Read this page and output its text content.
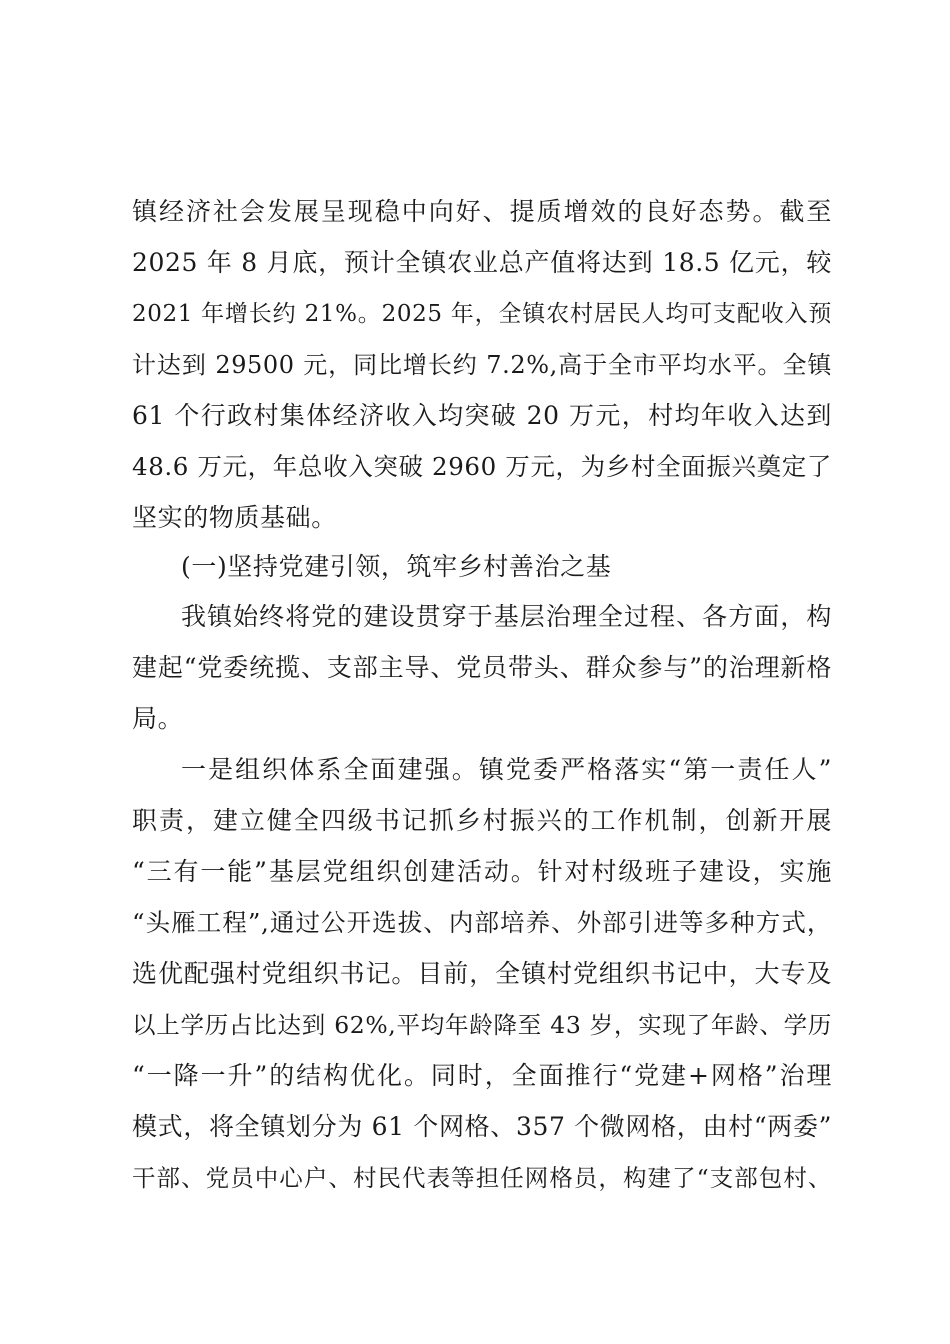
镇经济社会发展呈现稳中向好、提质增效的良好态势。截至
2025 年 8 月底，预计全镇农业总产值将达到 18.5 亿元，较
2021 年增长约 21%。2025 年，全镇农村居民人均可支配收入预
计达到 29500 元，同比增长约 7.2%,高于全市平均水平。全镇
61 个行政村集体经济收入均突破 20 万元，村均年收入达到
48.6 万元，年总收入突破 2960 万元，为乡村全面振兴奠定了
坚实的物质基础。
(一)坚持党建引领，筑牢乡村善治之基
我镇始终将党的建设贯穿于基层治理全过程、各方面，构
建起“党委统揽、支部主导、党员带头、群众参与”的治理新格
局。
一是组织体系全面建强。镇党委严格落实“第一责任人”
职责，建立健全四级书记抓乡村振兴的工作机制，创新开展
“三有一能”基层党组织创建活动。针对村级班子建设，实施
“头雁工程”,通过公开选拔、内部培养、外部引进等多种方式，
选优配强村党组织书记。目前，全镇村党组织书记中，大专及
以上学历占比达到 62%,平均年龄降至 43 岁，实现了年龄、学历
“一降一升”的结构优化。同时，全面推行“党建+网格”治理
模式，将全镇划分为 61 个网格、357 个微网格，由村“两委”
干部、党员中心户、村民代表等担任网格员，构建了“支部包村、
